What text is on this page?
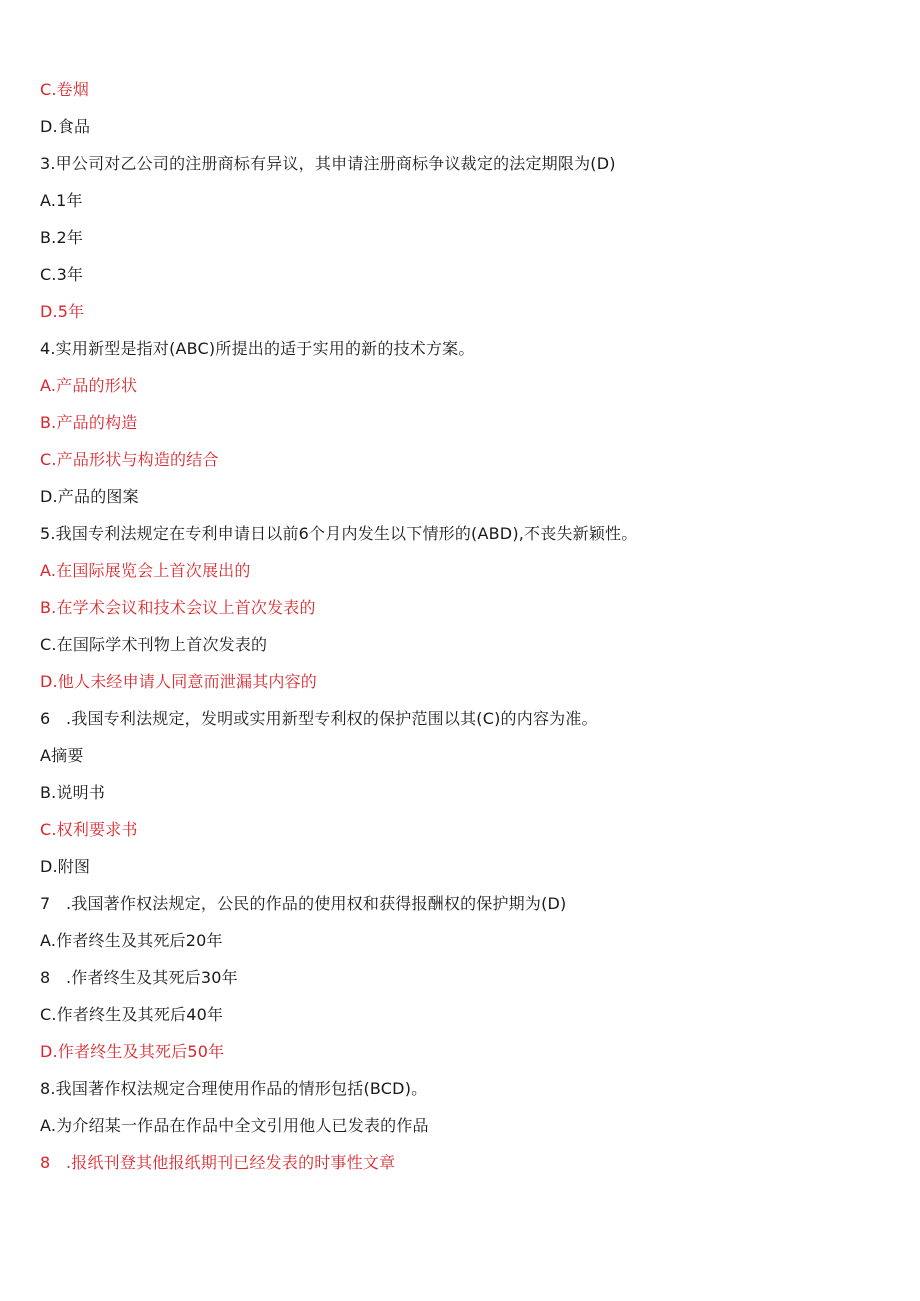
C.卷烟
D.食品
3.甲公司对乙公司的注册商标有异议，其申请注册商标争议裁定的法定期限为(D)
A.1年
B.2年
C.3年
D.5年
4.实用新型是指对(ABC)所提出的适于实用的新的技术方案。
A.产品的形状
B.产品的构造
C.产品形状与构造的结合
D.产品的图案
5.我国专利法规定在专利申请日以前6个月内发生以下情形的(ABD),不丧失新颖性。
A.在国际展览会上首次展出的
B.在学术会议和技术会议上首次发表的
C.在国际学术刊物上首次发表的
D.他人未经申请人同意而泄漏其内容的
6 .我国专利法规定，发明或实用新型专利权的保护范围以其(C)的内容为准。
A摘要
B.说明书
C.权利要求书
D.附图
7 .我国著作权法规定，公民的作品的使用权和获得报酬权的保护期为(D)
A.作者终生及其死后20年
8 .作者终生及其死后30年
C.作者终生及其死后40年
D.作者终生及其死后50年
8.我国著作权法规定合理使用作品的情形包括(BCD)。
A.为介绍某一作品在作品中全文引用他人已发表的作品
8 .报纸刊登其他报纸期刊已经发表的时事性文章
